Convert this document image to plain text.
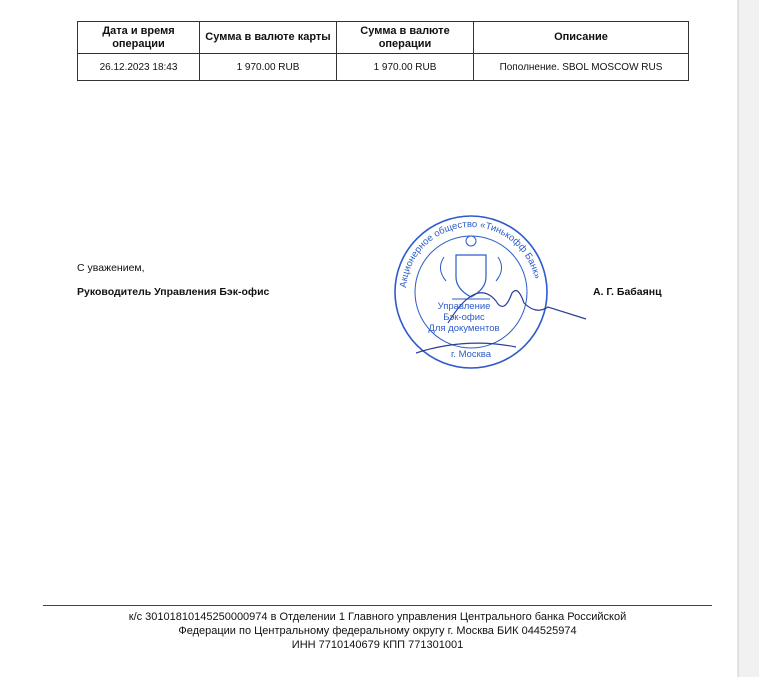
Дата и время операции	Сумма в валюте карты	Сумма в валюте операции	Описание
26.12.2023 18:43	1 970.00 RUB	1 970.00 RUB	Пополнение. SBOL MOSCOW RUS
С уважением,
Руководитель Управления Бэк-офис	А. Г. Бабаянц
Акционерное общество «Тинькофф Банк»
Управление
Бэк-офис
Для документов
г. Москва
к/с 30101810145250000974 в Отделении 1 Главного управления Центрального банка Российской
Федерации по Центральному федеральному округу г. Москва БИК 044525974
ИНН 7710140679 КПП 771301001
